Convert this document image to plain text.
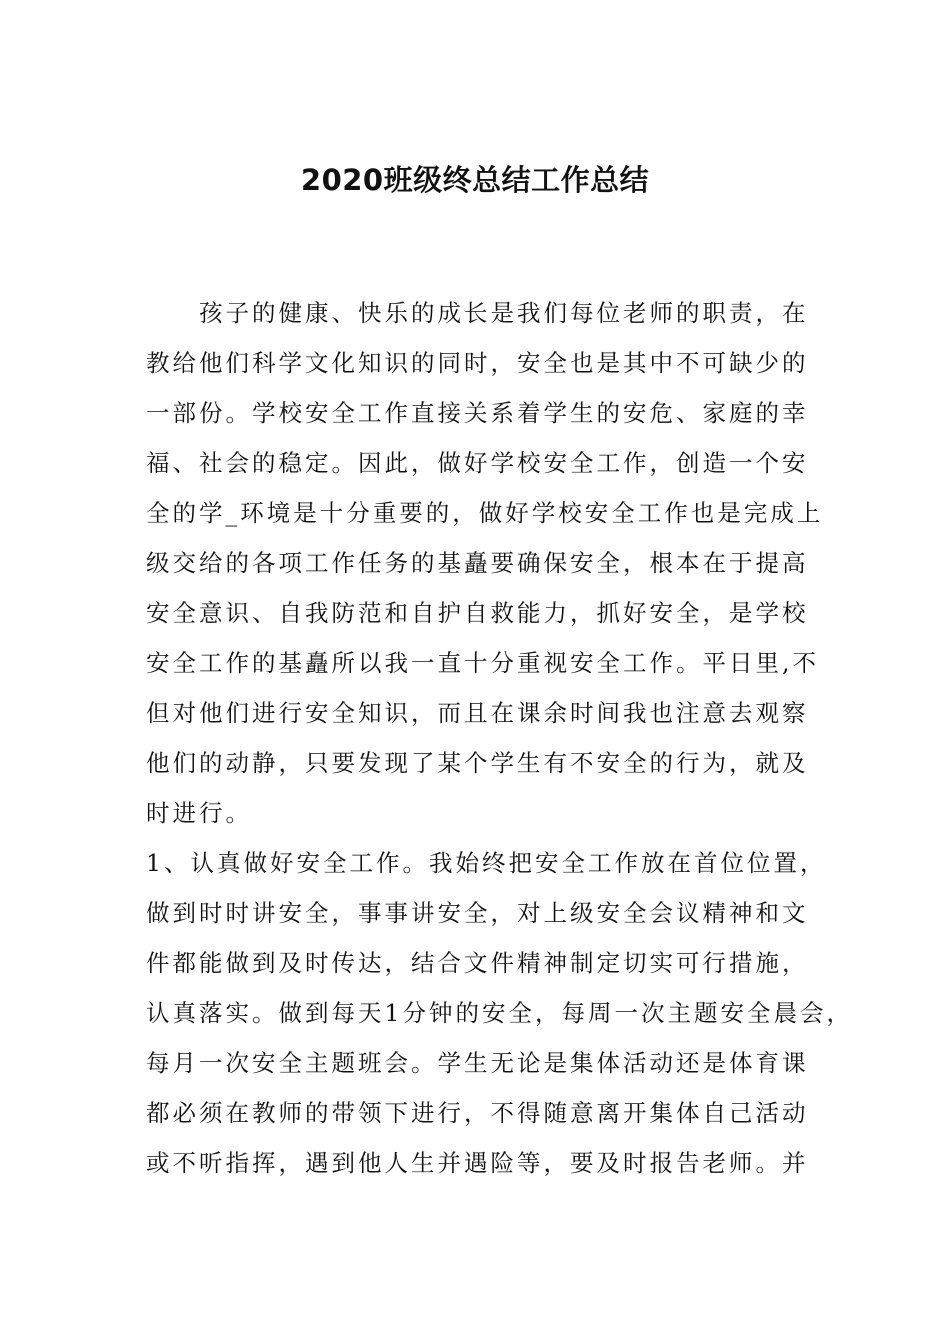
2020班级终总结工作总结
　　孩子的健康、快乐的成长是我们每位老师的职责，在
教给他们科学文化知识的同时，安全也是其中不可缺少的
一部份。学校安全工作直接关系着学生的安危、家庭的幸
福、社会的稳定。因此，做好学校安全工作，创造一个安
全的学_环境是十分重要的，做好学校安全工作也是完成上
级交给的各项工作任务的基矗要确保安全，根本在于提高
安全意识、自我防范和自护自救能力，抓好安全，是学校
安全工作的基矗所以我一直十分重视安全工作。平日里,不
但对他们进行安全知识，而且在课余时间我也注意去观察
他们的动静，只要发现了某个学生有不安全的行为，就及
时进行。
1、认真做好安全工作。我始终把安全工作放在首位位置，
做到时时讲安全，事事讲安全，对上级安全会议精神和文
件都能做到及时传达，结合文件精神制定切实可行措施，
认真落实。做到每天1分钟的安全，每周一次主题安全晨会，
每月一次安全主题班会。学生无论是集体活动还是体育课
都必须在教师的带领下进行，不得随意离开集体自己活动
或不听指挥，遇到他人生并遇险等，要及时报告老师。并
